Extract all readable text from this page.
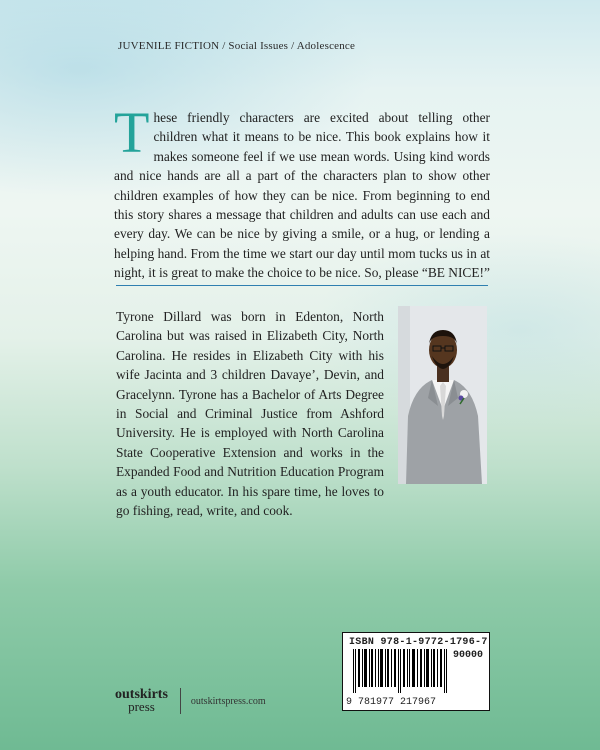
JUVENILE FICTION / Social Issues / Adolescence
T hese friendly characters are excited about telling other children what it means to be nice. This book explains how it makes someone feel if we use mean words. Using kind words and nice hands are all a part of the characters plan to show other children examples of how they can be nice. From beginning to end this story shares a message that children and adults can use each and every day. We can be nice by giving a smile, or a hug, or lending a helping hand. From the time we start our day until mom tucks us in at night, it is great to make the choice to be nice. So, please “BE NICE!”
Tyrone Dillard was born in Edenton, North Carolina but was raised in Elizabeth City, North Carolina. He resides in Elizabeth City with his wife Jacinta and 3 children Davaye’, Devin, and Gracelynn. Tyrone has a Bachelor of Arts Degree in Social and Criminal Justice from Ashford University. He is employed with North Carolina State Cooperative Extension and works in the Expanded Food and Nutrition Education Program as a youth educator. In his spare time, he loves to go fishing, read, write, and cook.
ISBN 978-1-9772-1796-7
90000
9 781977 217967
outskirts
press	outskirtspress.com
